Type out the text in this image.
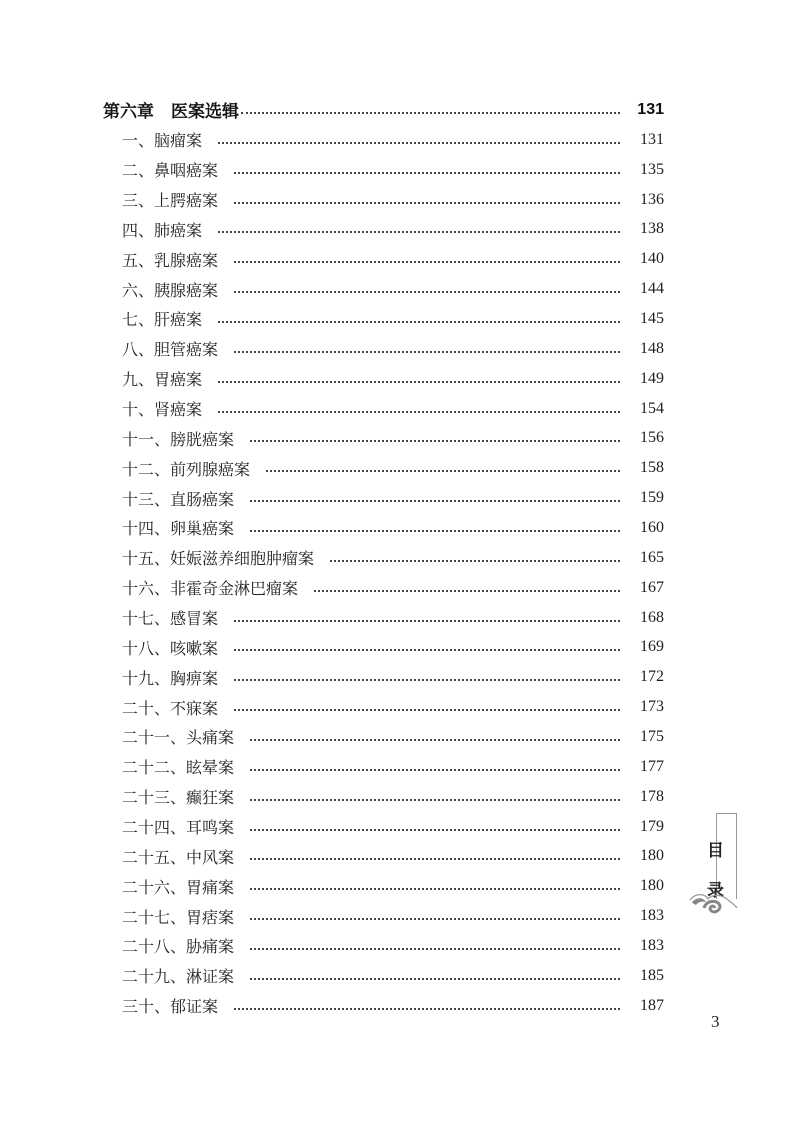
第六章　医案选辑	131
一、脑瘤案	131
二、鼻咽癌案	135
三、上腭癌案	136
四、肺癌案	138
五、乳腺癌案	140
六、胰腺癌案	144
七、肝癌案	145
八、胆管癌案	148
九、胃癌案	149
十、肾癌案	154
十一、膀胱癌案	156
十二、前列腺癌案	158
十三、直肠癌案	159
十四、卵巢癌案	160
十五、妊娠滋养细胞肿瘤案	165
十六、非霍奇金淋巴瘤案	167
十七、感冒案	168
十八、咳嗽案	169
十九、胸痹案	172
二十、不寐案	173
二十一、头痛案	175
二十二、眩晕案	177
二十三、癫狂案	178
二十四、耳鸣案	179
二十五、中风案	180
二十六、胃痛案	180
二十七、胃痞案	183
二十八、胁痛案	183
二十九、淋证案	185
三十、郁证案	187
目
录
3
